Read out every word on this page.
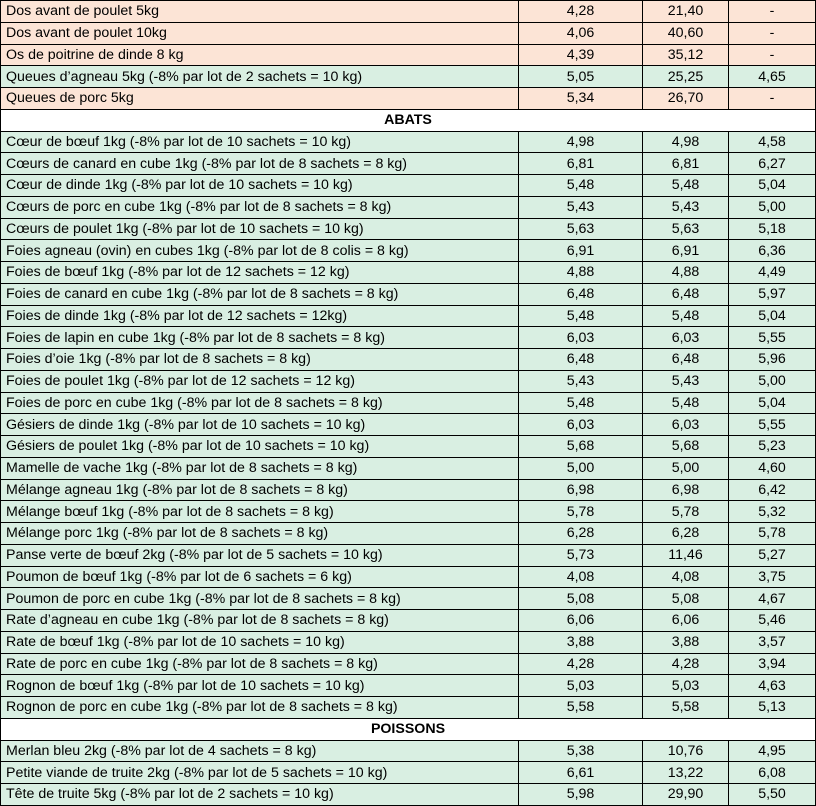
Dos avant de poulet 5kg	4,28	21,40	-
Dos avant de poulet 10kg	4,06	40,60	-
Os de poitrine de dinde 8 kg	4,39	35,12	-
Queues d’agneau 5kg (-8% par lot de 2 sachets = 10 kg)	5,05	25,25	4,65
Queues de porc 5kg	5,34	26,70	-
ABATS			
Cœur de bœuf 1kg (-8% par lot de 10 sachets = 10 kg)	4,98	4,98	4,58
Cœurs de canard en cube 1kg (-8% par lot de 8 sachets = 8 kg)	6,81	6,81	6,27
Cœur de dinde 1kg (-8% par lot de 10 sachets = 10 kg)	5,48	5,48	5,04
Cœurs de porc en cube 1kg (-8% par lot de 8 sachets = 8 kg)	5,43	5,43	5,00
Cœurs de poulet 1kg (-8% par lot de 10 sachets = 10 kg)	5,63	5,63	5,18
Foies agneau (ovin) en cubes 1kg (-8% par lot de 8 colis = 8 kg)	6,91	6,91	6,36
Foies de bœuf 1kg (-8% par lot de 12 sachets = 12 kg)	4,88	4,88	4,49
Foies de canard en cube 1kg (-8% par lot de 8 sachets = 8 kg)	6,48	6,48	5,97
Foies de dinde 1kg (-8% par lot de 12 sachets = 12kg)	5,48	5,48	5,04
Foies de lapin en cube 1kg (-8% par lot de 8 sachets = 8 kg)	6,03	6,03	5,55
Foies d’oie 1kg (-8% par lot de 8 sachets = 8 kg)	6,48	6,48	5,96
Foies de poulet 1kg (-8% par lot de 12 sachets = 12 kg)	5,43	5,43	5,00
Foies de porc en cube 1kg (-8% par lot de 8 sachets = 8 kg)	5,48	5,48	5,04
Gésiers de dinde 1kg (-8% par lot de 10 sachets = 10 kg)	6,03	6,03	5,55
Gésiers de poulet 1kg (-8% par lot de 10 sachets = 10 kg)	5,68	5,68	5,23
Mamelle de vache 1kg (-8% par lot de 8 sachets = 8 kg)	5,00	5,00	4,60
Mélange agneau 1kg (-8% par lot de 8 sachets = 8 kg)	6,98	6,98	6,42
Mélange bœuf 1kg (-8% par lot de 8 sachets = 8 kg)	5,78	5,78	5,32
Mélange porc 1kg (-8% par lot de 8 sachets = 8 kg)	6,28	6,28	5,78
Panse verte de bœuf 2kg (-8% par lot de 5 sachets = 10 kg)	5,73	11,46	5,27
Poumon de bœuf 1kg (-8% par lot de 6 sachets = 6 kg)	4,08	4,08	3,75
Poumon de porc en cube 1kg (-8% par lot de 8 sachets = 8 kg)	5,08	5,08	4,67
Rate d’agneau en cube 1kg (-8% par lot de 8 sachets = 8 kg)	6,06	6,06	5,46
Rate de bœuf 1kg (-8% par lot de 10 sachets = 10 kg)	3,88	3,88	3,57
Rate de porc en cube 1kg (-8% par lot de 8 sachets = 8 kg)	4,28	4,28	3,94
Rognon de bœuf 1kg (-8% par lot de 10 sachets = 10 kg)	5,03	5,03	4,63
Rognon de porc en cube 1kg (-8% par lot de 8 sachets = 8 kg)	5,58	5,58	5,13
POISSONS			
Merlan bleu 2kg (-8% par lot de 4 sachets = 8 kg)	5,38	10,76	4,95
Petite viande de truite 2kg (-8% par lot de 5 sachets = 10 kg)	6,61	13,22	6,08
Tête de truite 5kg (-8% par lot de 2 sachets = 10 kg)	5,98	29,90	5,50
